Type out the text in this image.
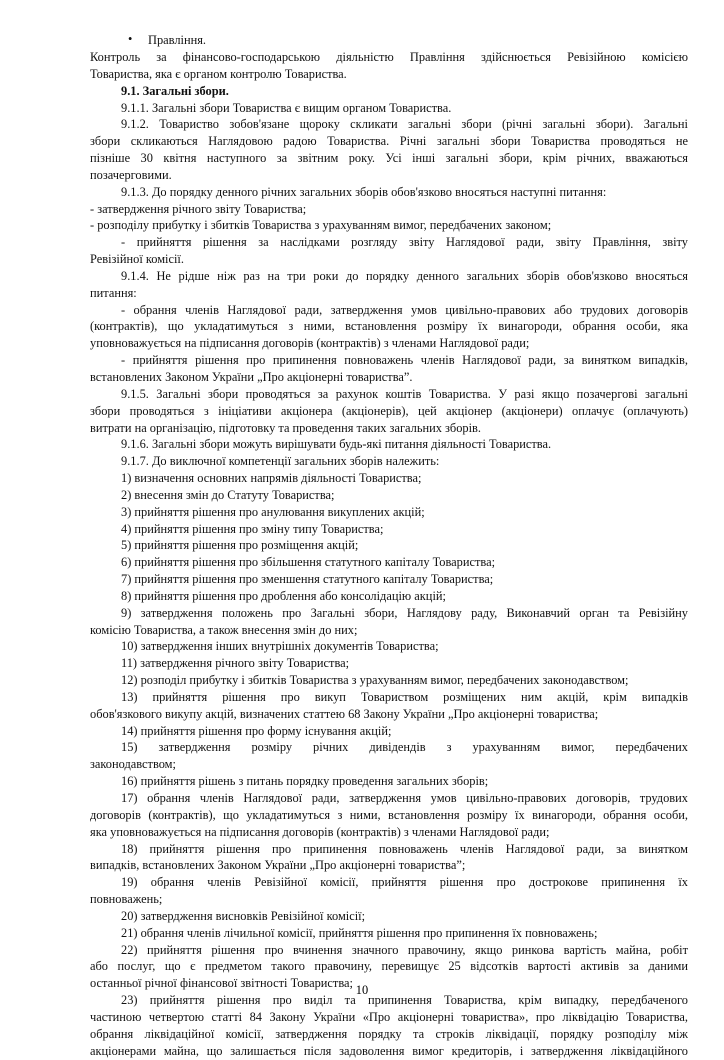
•	Правління.
Контроль за фінансово-господарською діяльністю Правління здійснюється Ревізійною комісією
Товариства, яка є органом контролю Товариства.
9.1. Загальні збори.
9.1.1. Загальні збори Товариства є вищим органом Товариства.
9.1.2. Товариство зобов'язане щороку скликати загальні збори (річні загальні збори). Загальні
збори скликаються Наглядовою радою Товариства. Річні загальні збори Товариства проводяться не
пізніше 30 квітня наступного за звітним року. Усі інші загальні збори, крім річних, вважаються
позачерговими.
9.1.3. До порядку денного річних загальних зборів обов'язково вносяться наступні питання:
- затвердження річного звіту Товариства;
- розподілу прибутку і збитків Товариства з урахуванням вимог, передбачених законом;
- прийняття рішення за наслідками розгляду звіту Наглядової ради, звіту Правління, звіту
Ревізійної комісії.
9.1.4. Не рідше ніж раз на три роки до порядку денного загальних зборів обов'язково вносяться
питання:
- обрання членів Наглядової ради, затвердження умов цивільно-правових або трудових договорів
(контрактів), що укладатимуться з ними, встановлення розміру їх винагороди, обрання особи, яка
уповноважується на підписання договорів (контрактів) з членами Наглядової ради;
- прийняття рішення про припинення повноважень членів Наглядової ради, за винятком випадків,
встановлених Законом України „Про акціонерні товариства”.
9.1.5. Загальні збори проводяться за рахунок коштів Товариства. У разі якщо позачергові загальні
збори проводяться з ініціативи акціонера (акціонерів), цей акціонер (акціонери) оплачує (оплачують)
витрати на організацію, підготовку та проведення таких загальних зборів.
9.1.6. Загальні збори можуть вирішувати будь-які питання діяльності Товариства.
9.1.7. До виключної компетенції загальних зборів належить:
1) визначення основних напрямів діяльності Товариства;
2) внесення змін до Статуту Товариства;
3) прийняття рішення про анулювання викуплених акцій;
4) прийняття рішення про зміну типу Товариства;
5) прийняття рішення про розміщення акцій;
6) прийняття рішення про збільшення статутного капіталу Товариства;
7) прийняття рішення про зменшення статутного капіталу Товариства;
8) прийняття рішення про дроблення або консолідацію акцій;
9) затвердження положень про Загальні збори, Наглядову раду, Виконавчий орган та Ревізійну
комісію Товариства, а також внесення змін до них;
10) затвердження інших внутрішніх документів Товариства;
11) затвердження річного звіту Товариства;
12) розподіл прибутку і збитків Товариства з урахуванням вимог, передбачених законодавством;
13) прийняття рішення про викуп Товариством розміщених ним акцій, крім випадків
обов'язкового викупу акцій, визначених статтею 68 Закону України „Про акціонерні товариства;
14) прийняття рішення про форму існування акцій;
15) затвердження розміру річних дивідендів з урахуванням вимог, передбачених
законодавством;
16) прийняття рішень з питань порядку проведення загальних зборів;
17) обрання членів Наглядової ради, затвердження умов цивільно-правових договорів, трудових
договорів (контрактів), що укладатимуться з ними, встановлення розміру їх винагороди, обрання особи,
яка уповноважується на підписання договорів (контрактів) з членами Наглядової ради;
18) прийняття рішення про припинення повноважень членів Наглядової ради, за винятком
випадків, встановлених Законом України „Про акціонерні товариства”;
19) обрання членів Ревізійної комісії, прийняття рішення про дострокове припинення їх
повноважень;
20) затвердження висновків Ревізійної комісії;
21) обрання членів лічильної комісії, прийняття рішення про припинення їх повноважень;
22) прийняття рішення про вчинення значного правочину, якщо ринкова вартість майна, робіт
або послуг, що є предметом такого правочину, перевищує 25 відсотків вартості активів за даними
останньої річної фінансової звітності Товариства;
23) прийняття рішення про виділ та припинення Товариства, крім випадку, передбаченого
частиною четвертою статті 84 Закону України «Про акціонерні товариства», про ліквідацію Товариства,
обрання ліквідаційної комісії, затвердження порядку та строків ліквідації, порядку розподілу між
акціонерами майна, що залишається після задоволення вимог кредиторів, і затвердження ліквідаційного
10
